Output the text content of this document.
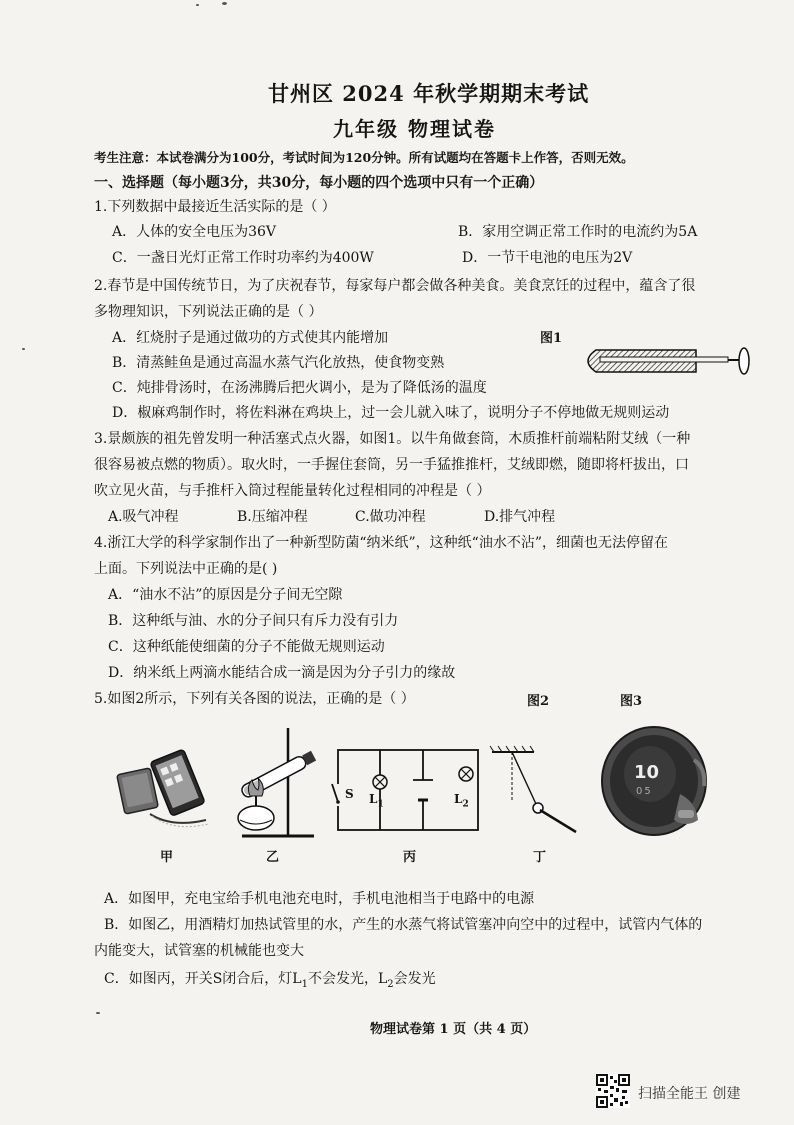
甘州区 2024 年秋学期期末考试
九年级 物理试卷
考生注意：本试卷满分为100分，考试时间为120分钟。所有试题均在答题卡上作答，否则无效。
一、选择题（每小题3分，共30分，每小题的四个选项中只有一个正确）
1.下列数据中最接近生活实际的是（ ）
A．人体的安全电压为36V	B．家用空调正常工作时的电流约为5A
C．一盏日光灯正常工作时功率约为400W	D．一节干电池的电压为2V
2.春节是中国传统节日，为了庆祝春节，每家每户都会做各种美食。美食烹饪的过程中，蕴含了很
多物理知识，下列说法正确的是（ ）
A．红烧肘子是通过做功的方式使其内能增加	图1
B．清蒸鲑鱼是通过高温水蒸气汽化放热，使食物变熟
C．炖排骨汤时，在汤沸腾后把火调小，是为了降低汤的温度
D．椒麻鸡制作时，将佐料淋在鸡块上，过一会儿就入味了，说明分子不停地做无规则运动
3.景颇族的祖先曾发明一种活塞式点火器，如图1。以牛角做套筒，木质推杆前端粘附艾绒（一种
很容易被点燃的物质）。取火时，一手握住套筒，另一手猛推推杆，艾绒即燃，随即将杆拔出，口
吹立见火苗，与手推杆入筒过程能量转化过程相同的冲程是（ ）
A.吸气冲程	B.压缩冲程	C.做功冲程	D.排气冲程
4.浙江大学的科学家制作出了一种新型防菌“纳米纸”，这种纸“油水不沾”，细菌也无法停留在
上面。下列说法中正确的是( )
A．“油水不沾”的原因是分子间无空隙
B．这种纸与油、水的分子间只有斥力没有引力
C．这种纸能使细菌的分子不能做无规则运动
D．纳米纸上两滴水能结合成一滴是因为分子引力的缘故
5.如图2所示，下列有关各图的说法，正确的是（ ）	图2	图3
甲	乙
S $L_1$	$L_2$
丙	丁
10
05
A．如图甲，充电宝给手机电池充电时，手机电池相当于电路中的电源
B．如图乙，用酒精灯加热试管里的水，产生的水蒸气将试管塞冲向空中的过程中，试管内气体的
内能变大，试管塞的机械能也变大
C．如图丙，开关S闭合后，灯$L_1$不会发光，$L_2$会发光
物理试卷第 1 页（共 4 页）
扫描全能王 创建
